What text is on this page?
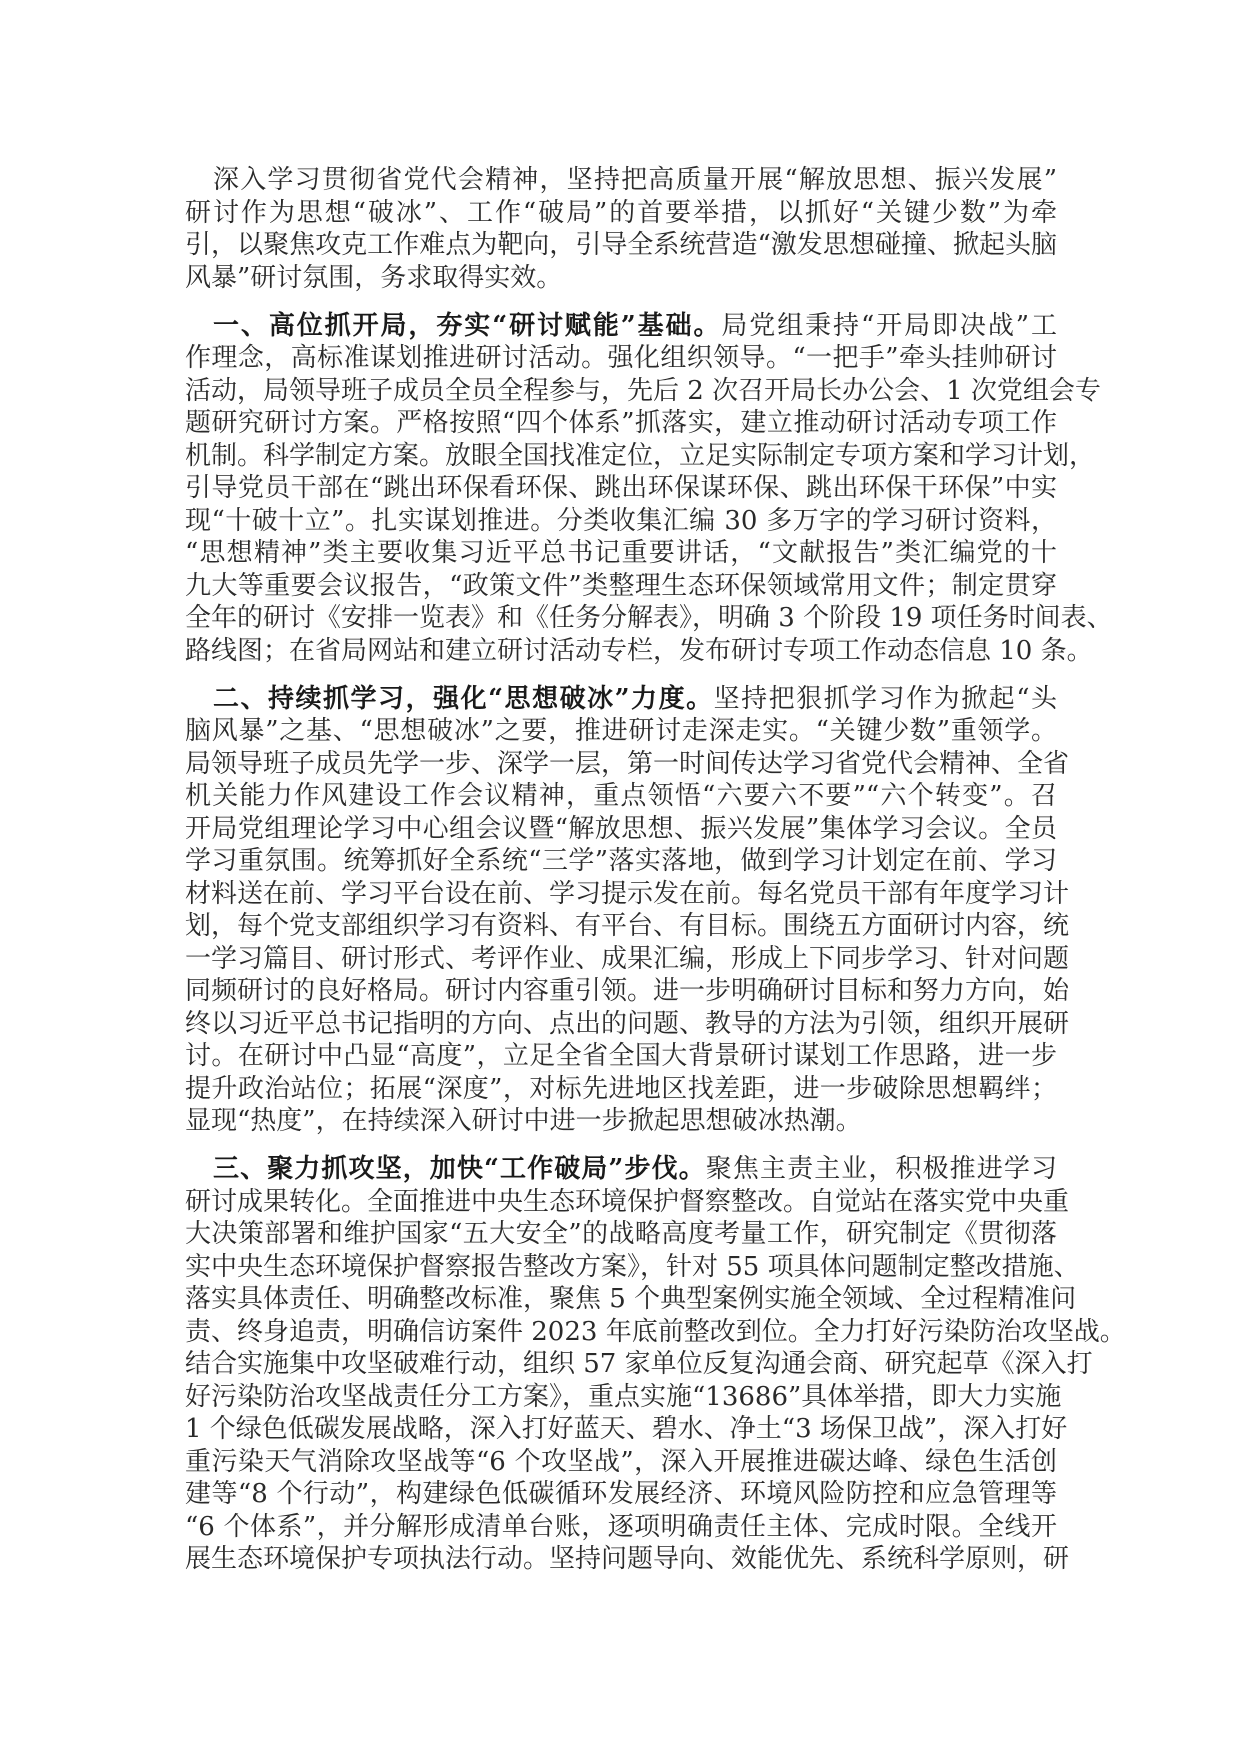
深入学习贯彻省党代会精神，坚持把高质量开展“解放思想、振兴发展”
研讨作为思想“破冰”、工作“破局”的首要举措，以抓好“关键少数”为牵
引，以聚焦攻克工作难点为靶向，引导全系统营造“激发思想碰撞、掀起头脑
风暴”研讨氛围，务求取得实效。
一、高位抓开局，夯实“研讨赋能”基础。局党组秉持“开局即决战”工
作理念，高标准谋划推进研讨活动。强化组织领导。“一把手”牵头挂帅研讨
活动，局领导班子成员全员全程参与，先后 2 次召开局长办公会、1 次党组会专
题研究研讨方案。严格按照“四个体系”抓落实，建立推动研讨活动专项工作
机制。科学制定方案。放眼全国找准定位，立足实际制定专项方案和学习计划，
引导党员干部在“跳出环保看环保、跳出环保谋环保、跳出环保干环保”中实
现“十破十立”。扎实谋划推进。分类收集汇编 30 多万字的学习研讨资料，
“思想精神”类主要收集习近平总书记重要讲话，“文献报告”类汇编党的十
九大等重要会议报告，“政策文件”类整理生态环保领域常用文件；制定贯穿
全年的研讨《安排一览表》和《任务分解表》，明确 3 个阶段 19 项任务时间表、
路线图；在省局网站和建立研讨活动专栏，发布研讨专项工作动态信息 10 条。
二、持续抓学习，强化“思想破冰”力度。坚持把狠抓学习作为掀起“头
脑风暴”之基、“思想破冰”之要，推进研讨走深走实。“关键少数”重领学。
局领导班子成员先学一步、深学一层，第一时间传达学习省党代会精神、全省
机关能力作风建设工作会议精神，重点领悟“六要六不要”“六个转变”。召
开局党组理论学习中心组会议暨“解放思想、振兴发展”集体学习会议。全员
学习重氛围。统筹抓好全系统“三学”落实落地，做到学习计划定在前、学习
材料送在前、学习平台设在前、学习提示发在前。每名党员干部有年度学习计
划，每个党支部组织学习有资料、有平台、有目标。围绕五方面研讨内容，统
一学习篇目、研讨形式、考评作业、成果汇编，形成上下同步学习、针对问题
同频研讨的良好格局。研讨内容重引领。进一步明确研讨目标和努力方向，始
终以习近平总书记指明的方向、点出的问题、教导的方法为引领，组织开展研
讨。在研讨中凸显“高度”，立足全省全国大背景研讨谋划工作思路，进一步
提升政治站位；拓展“深度”，对标先进地区找差距，进一步破除思想羁绊；
显现“热度”，在持续深入研讨中进一步掀起思想破冰热潮。
三、聚力抓攻坚，加快“工作破局”步伐。聚焦主责主业，积极推进学习
研讨成果转化。全面推进中央生态环境保护督察整改。自觉站在落实党中央重
大决策部署和维护国家“五大安全”的战略高度考量工作，研究制定《贯彻落
实中央生态环境保护督察报告整改方案》，针对 55 项具体问题制定整改措施、
落实具体责任、明确整改标准，聚焦 5 个典型案例实施全领域、全过程精准问
责、终身追责，明确信访案件 2023 年底前整改到位。全力打好污染防治攻坚战。
结合实施集中攻坚破难行动，组织 57 家单位反复沟通会商、研究起草《深入打
好污染防治攻坚战责任分工方案》，重点实施“13686”具体举措，即大力实施
1 个绿色低碳发展战略，深入打好蓝天、碧水、净土“3 场保卫战”，深入打好
重污染天气消除攻坚战等“6 个攻坚战”，深入开展推进碳达峰、绿色生活创
建等“8 个行动”，构建绿色低碳循环发展经济、环境风险防控和应急管理等
“6 个体系”，并分解形成清单台账，逐项明确责任主体、完成时限。全线开
展生态环境保护专项执法行动。坚持问题导向、效能优先、系统科学原则，研
